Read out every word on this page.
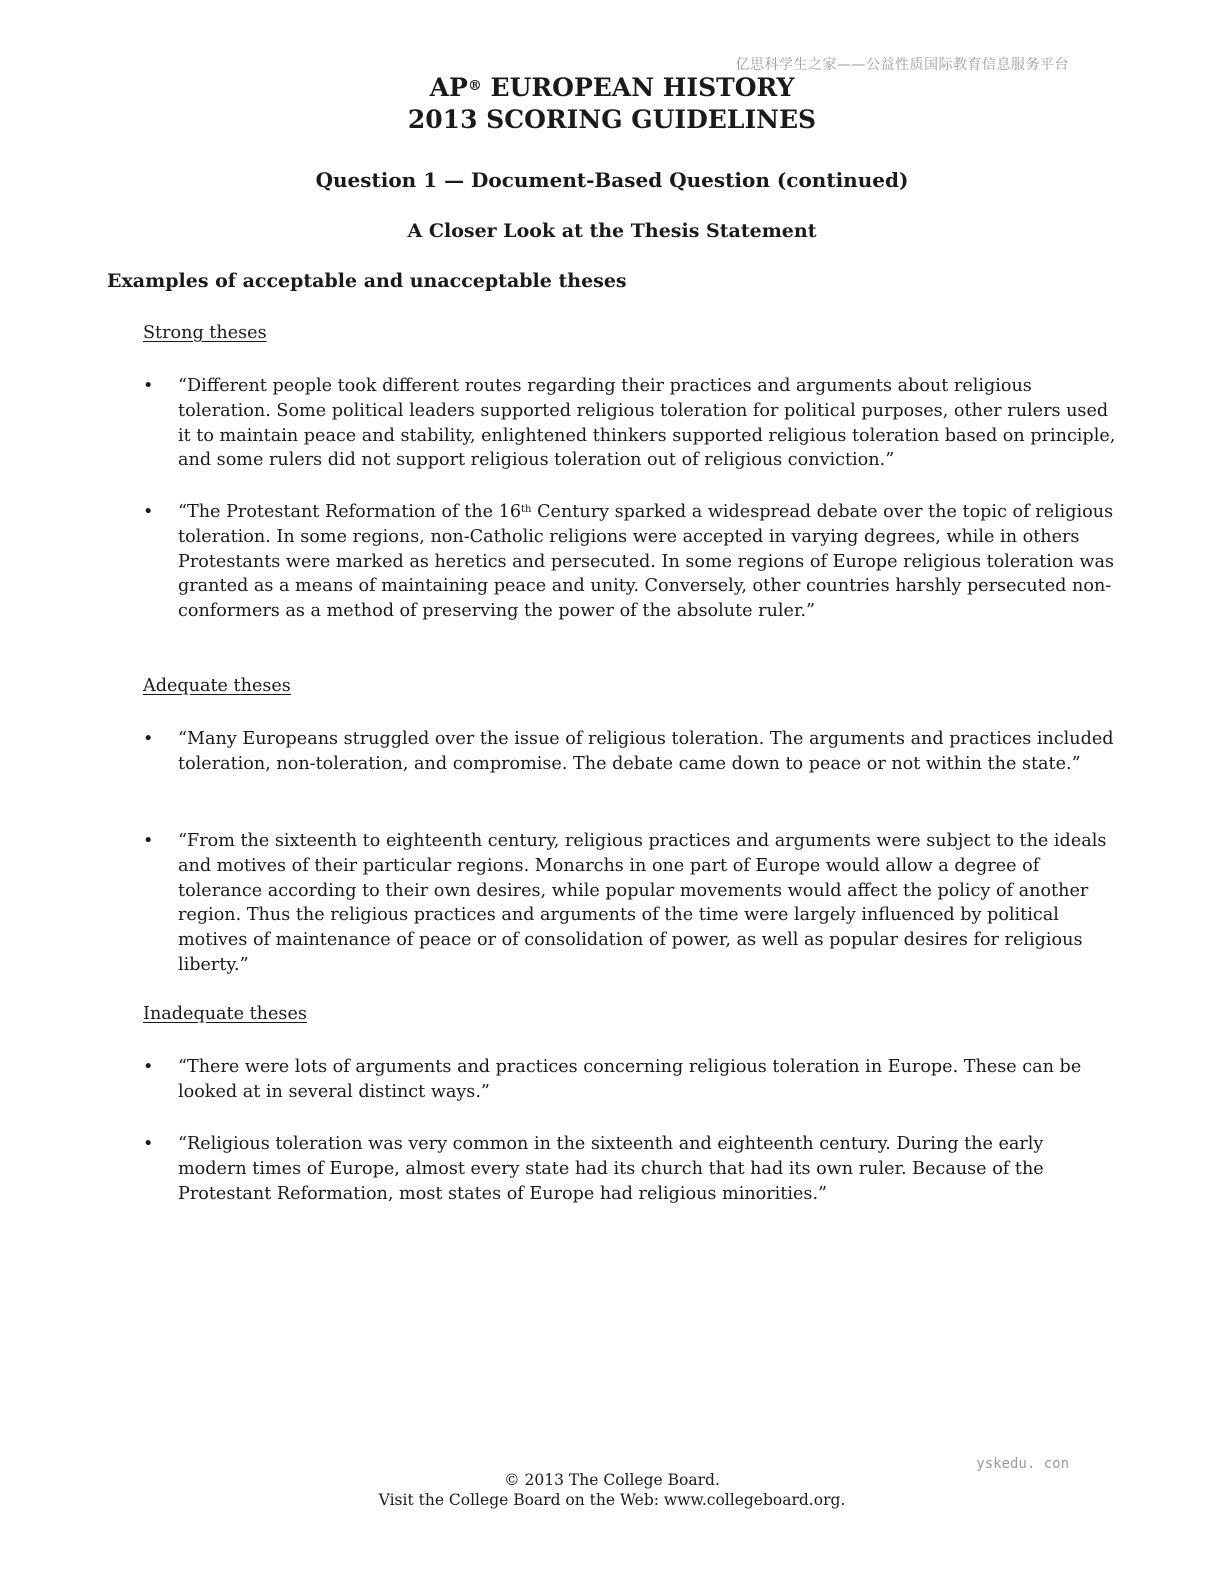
亿思科学生之家——公益性质国际教育信息服务平台
AP® EUROPEAN HISTORY
2013 SCORING GUIDELINES
Question 1 — Document-Based Question (continued)
A Closer Look at the Thesis Statement
Examples of acceptable and unacceptable theses
Strong theses
• “Different people took different routes regarding their practices and arguments about religious toleration. Some political leaders supported religious toleration for political purposes, other rulers used it to maintain peace and stability, enlightened thinkers supported religious toleration based on principle, and some rulers did not support religious toleration out of religious conviction.”
• “The Protestant Reformation of the 16th Century sparked a widespread debate over the topic of religious toleration. In some regions, non-Catholic religions were accepted in varying degrees, while in others Protestants were marked as heretics and persecuted. In some regions of Europe religious toleration was granted as a means of maintaining peace and unity. Conversely, other countries harshly persecuted non-conformers as a method of preserving the power of the absolute ruler.”
Adequate theses
• “Many Europeans struggled over the issue of religious toleration. The arguments and practices included toleration, non-toleration, and compromise. The debate came down to peace or not within the state.”
• “From the sixteenth to eighteenth century, religious practices and arguments were subject to the ideals and motives of their particular regions. Monarchs in one part of Europe would allow a degree of tolerance according to their own desires, while popular movements would affect the policy of another region. Thus the religious practices and arguments of the time were largely influenced by political motives of maintenance of peace or of consolidation of power, as well as popular desires for religious liberty.”
Inadequate theses
• “There were lots of arguments and practices concerning religious toleration in Europe. These can be looked at in several distinct ways.”
• “Religious toleration was very common in the sixteenth and eighteenth century. During the early modern times of Europe, almost every state had its church that had its own ruler. Because of the Protestant Reformation, most states of Europe had religious minorities.”
yskedu. con
© 2013 The College Board.
Visit the College Board on the Web: www.collegeboard.org.
